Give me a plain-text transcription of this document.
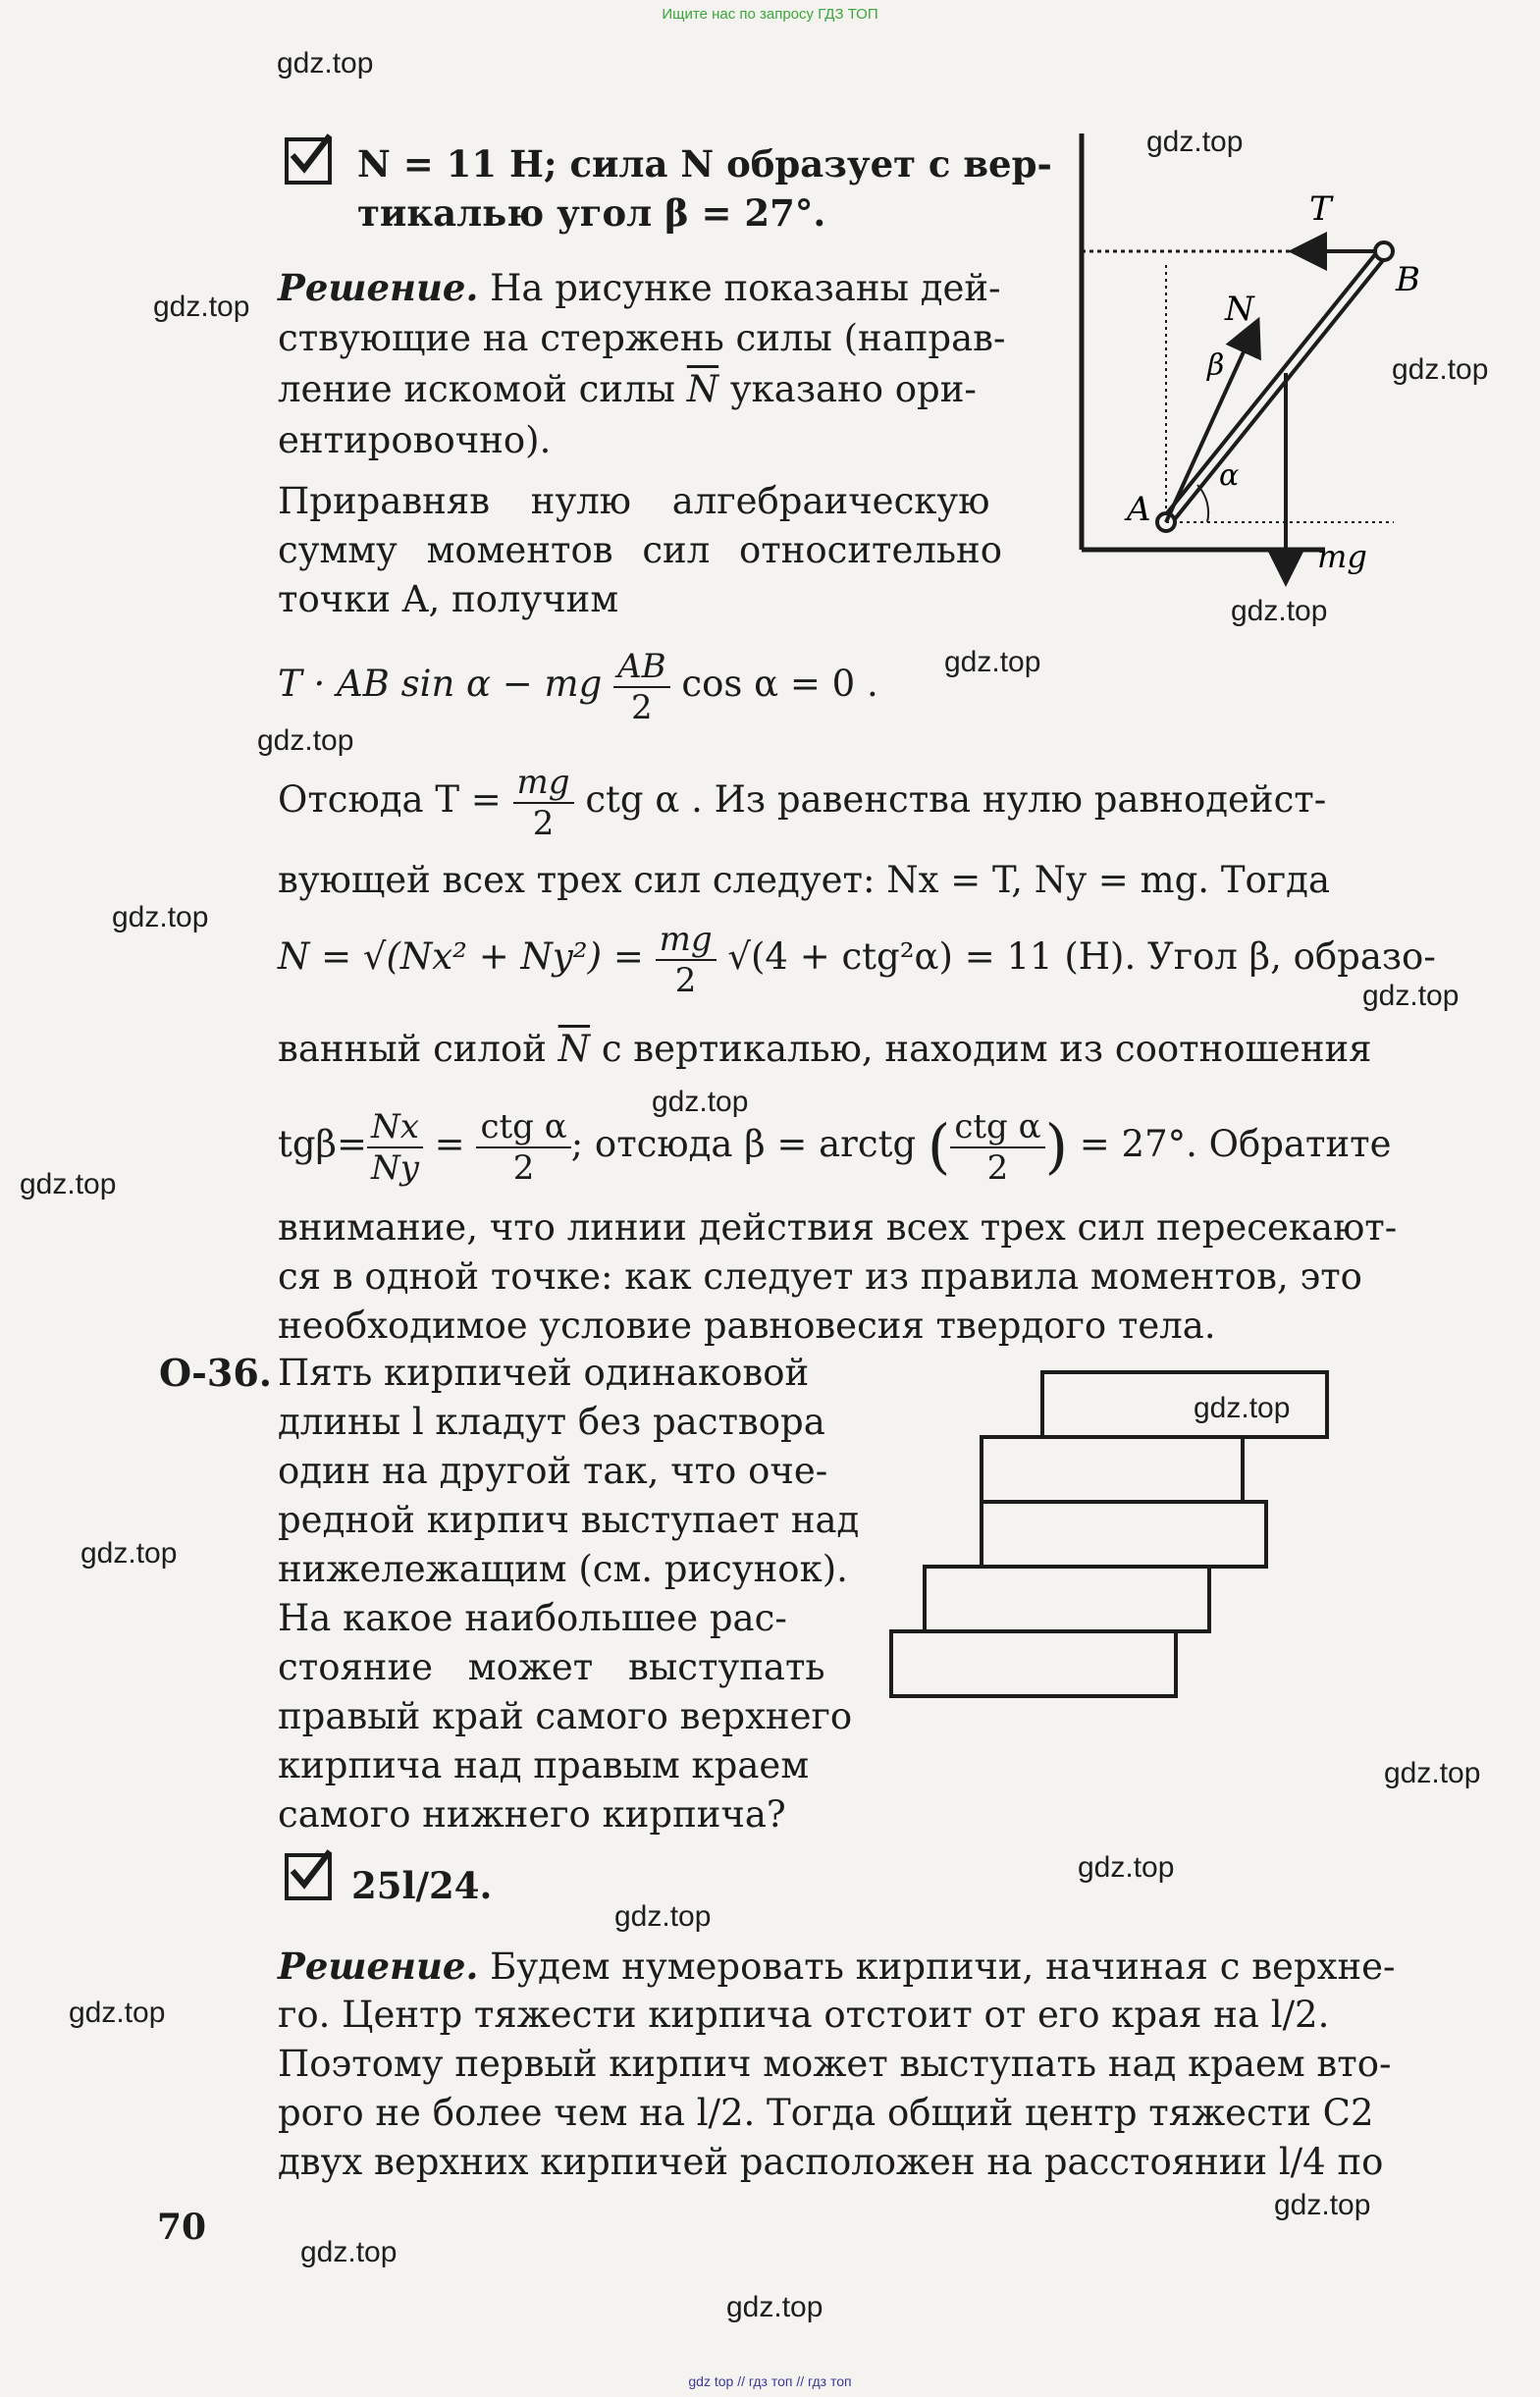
Ищите нас по запросу ГДЗ ТОП
gdz.top
gdz.top
gdz.top
gdz.top
gdz.top
gdz.top
gdz.top
gdz.top
gdz.top
gdz.top
gdz.top
gdz.top
gdz.top
gdz.top
gdz.top
gdz.top
gdz.top
gdz.top
gdz.top
gdz.top
N = 11 Н; сила N образует с вер-
тикалью угол β = 27°.
Решение. На рисунке показаны дей-
ствующие на стержень силы (направ-
ление искомой силы $\overline{N}$ указано ори-
ентировочно).
Приравняв нулю алгебраическую
сумму моментов сил относительно
точки A, получим
T · AB sin α − mg $\frac{AB}{2}$ cos α = 0 .
Отсюда $T = \frac{mg}{2}$ ctg α . Из равенства нулю равнодейст-
вующей всех трех сил следует: Nx = T, Ny = mg. Тогда
$N = √(Nx^2 + Ny^2) = \frac{mg}{2} √(4 + ctg^2\alpha) = 11$ (Н). Угол β, образо-
ванный силой $\overline{N}$ с вертикалью, находим из соотношения
$tg\beta= \frac{Nx}{Ny} = \frac{\text{ctg α}}{2}$ ; отсюда β = arctg ( $\frac{\text{ctg α}}{2}$ ) = 27°. Обратите
внимание, что линии действия всех трех сил пересекают-
ся в одной точке: как следует из правила моментов, это
необходимое условие равновесия твердого тела.
О-36. Пять кирпичей одинаковой
длины l кладут без раствора
один на другой так, что оче-
редной кирпич выступает над
нижележащим (см. рисунок).
На какое наибольшее рас-
стояние может выступать
правый край самого верхнего
кирпича над правым краем
самого нижнего кирпича?
25l/24.
Решение. Будем нумеровать кирпичи, начиная с верхне-
го. Центр тяжести кирпича отстоит от его края на l/2.
Поэтому первый кирпич может выступать над краем вто-
рого не более чем на l/2. Тогда общий центр тяжести C2
двух верхних кирпичей расположен на расстоянии l/4 по
70
T
N
B
A
β
α
mg
gdz top // гдз топ // гдз топ
